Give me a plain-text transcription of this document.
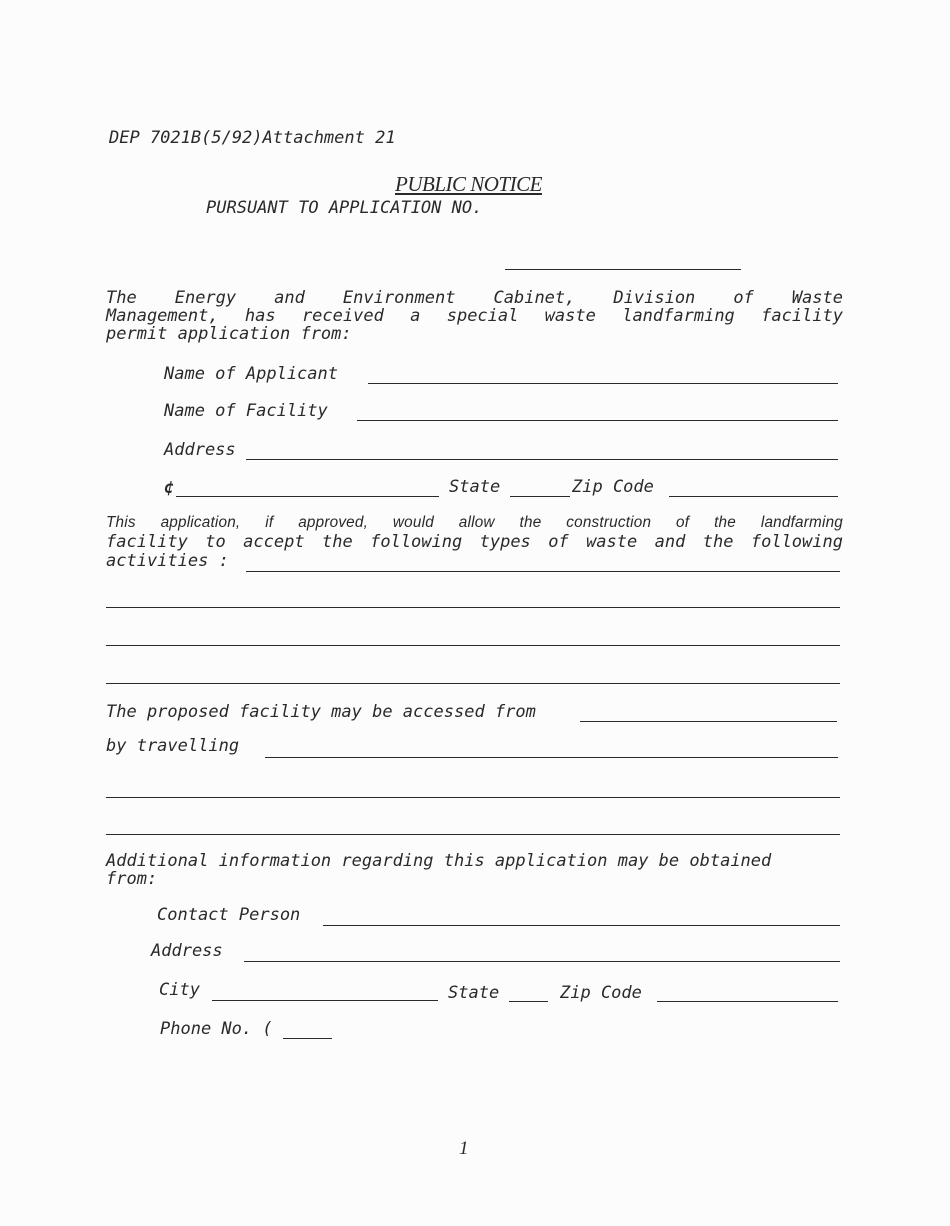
DEP 7021B(5/92)Attachment 21
PUBLIC NOTICE
PURSUANT TO APPLICATION NO.
The Energy and Environment Cabinet, Division of Waste
Management, has received a special waste landfarming facility
permit application from:
Name of Applicant
Name of Facility
Address
¢	State	Zip Code
This application, if approved, would allow the construction of the landfarming
facility to accept the following types of waste and the following
activities :
The proposed facility may be accessed from
by travelling
Additional information regarding this application may be obtained
from:
Contact Person
Address
City	State	Zip Code
Phone No. (
1
